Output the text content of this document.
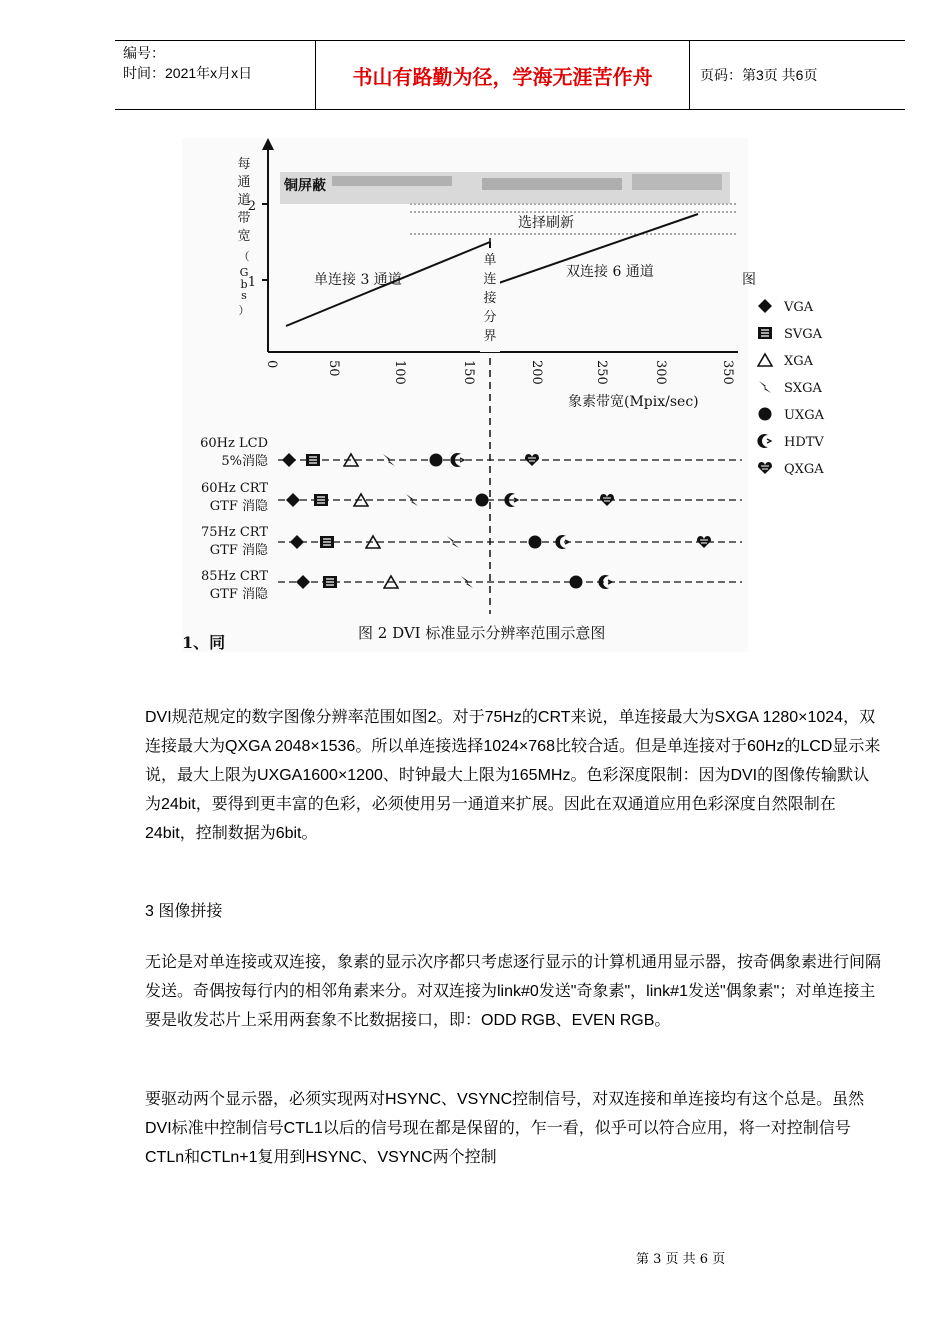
编号：
时间：2021年x月x日	书山有路勤为径，学海无涯苦作舟	页码：第3页 共6页
每
通
道
带
宽
（
G
b
s
）
2
1
铜屏蔽
选择刷新
单连接 3 通道	双连接 6 通道
单
连
接
分
界
0	50	100	150	200	250	300	350
象素带宽(Mpix/sec)
图
VGA
SVGA
XGA
SXGA
UXGA
HDTV
QXGA
60Hz LCD
5%消隐
60Hz CRT
GTF 消隐
75Hz CRT
GTF 消隐
85Hz CRT
GTF 消隐
图 2 DVI 标准显示分辨率范围示意图
1、同
DVI规范规定的数字图像分辨率范围如图2。对于75Hz的CRT来说，单连接最大为SXGA 1280×1024，双连接最大为QXGA 2048×1536。所以单连接选择1024×768比较合适。但是单连接对于60Hz的LCD显示来说，最大上限为UXGA1600×1200、时钟最大上限为165MHz。色彩深度限制：因为DVI的图像传输默认为24bit，要得到更丰富的色彩，必须使用另一通道来扩展。因此在双通道应用色彩深度自然限制在24bit，控制数据为6bit。
3 图像拼接
无论是对单连接或双连接，象素的显示次序都只考虑逐行显示的计算机通用显示器，按奇偶象素进行间隔发送。奇偶按每行内的相邻角素来分。对双连接为link#0发送"奇象素"，link#1发送"偶象素"；对单连接主要是收发芯片上采用两套象不比数据接口，即：ODD RGB、EVEN RGB。
要驱动两个显示器，必须实现两对HSYNC、VSYNC控制信号，对双连接和单连接均有这个总是。虽然DVI标准中控制信号CTL1以后的信号现在都是保留的，乍一看，似乎可以符合应用，将一对控制信号CTLn和CTLn+1复用到HSYNC、VSYNC两个控制
第 3 页 共 6 页
